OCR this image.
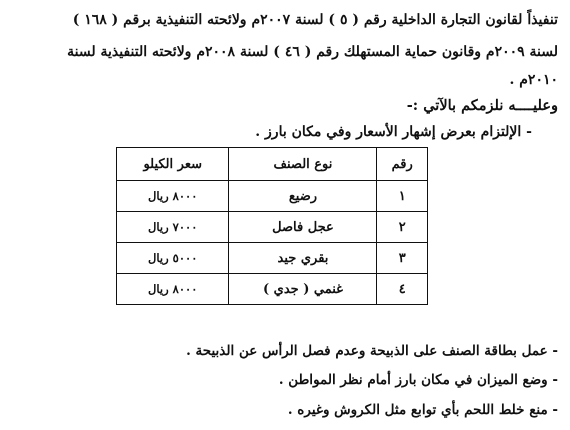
تنفيذاً لقانون التجارة الداخلية رقم ( ٥ ) لسنة ٢٠٠٧م ولائحته التنفيذية برقم ( ١٦٨ )
لسنة ٢٠٠٩م وقانون حماية المستهلك رقم ( ٤٦ ) لسنة ٢٠٠٨م ولائحته التنفيذية لسنة
٢٠١٠م .
وعليــــه نلزمكم بالآتي :-
- الإلتزام بعرض إشهار الأسعار وفي مكان بارز .
رقم	نوع الصنف	سعر الكيلو
١	رضيع	٨٠٠٠ ريال
٢	عجل فاصل	٧٠٠٠ ريال
٣	بقري جيد	٥٠٠٠ ريال
٤	غنمي ( جدي )	٨٠٠٠ ريال
- عمل بطاقة الصنف على الذبيحة وعدم فصل الرأس عن الذبيحة .
- وضع الميزان في مكان بارز أمام نظر المواطن .
- منع خلط اللحم بأي توابع مثل الكروش وغيره .
